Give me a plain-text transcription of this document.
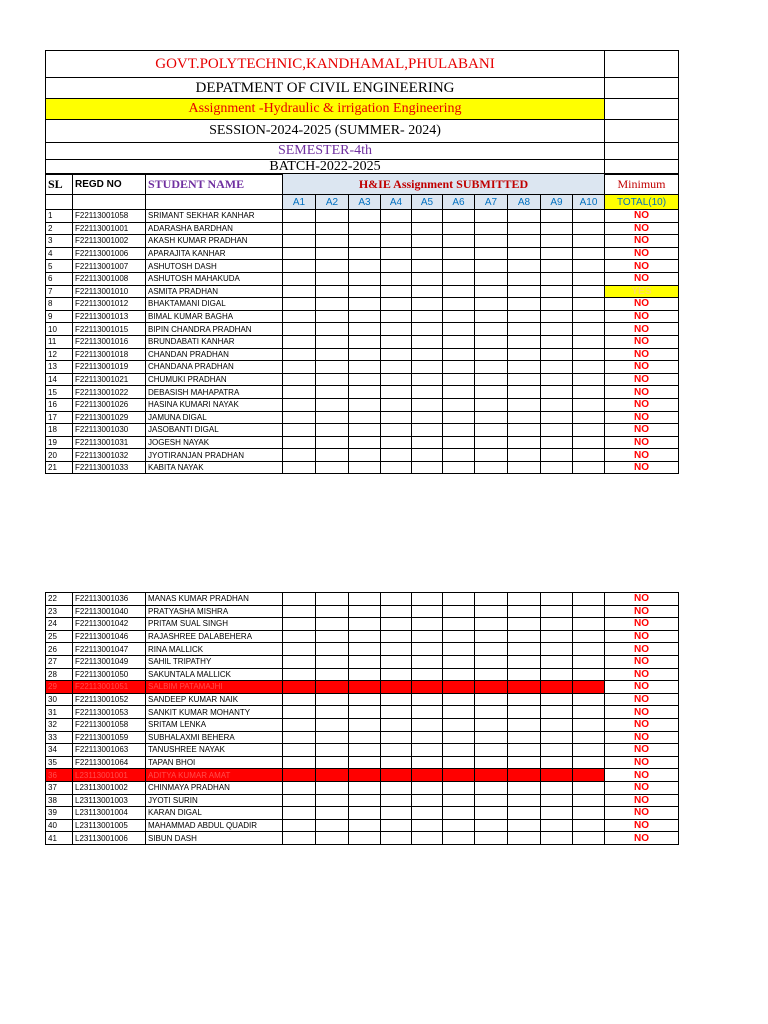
GOVT.POLYTECHNIC,KANDHAMAL,PHULABANI	
DEPATMENT OF CIVIL ENGINEERING	
Assignment -Hydraulic & irrigation Engineering	
SESSION-2024-2025 (SUMMER- 2024)	
SEMESTER-4th	
BATCH-2022-2025	
SL	REGD NO	STUDENT NAME	H&IE Assignment SUBMITTED										Minimum
			A1	A2	A3	A4	A5	A6	A7	A8	A9	A10	TOTAL(10)
1	F22113001058	SRIMANT SEKHAR KANHAR											NO
2	F22113001001	ADARASHA BARDHAN											NO
3	F22113001002	AKASH KUMAR PRADHAN											NO
4	F22113001006	APARAJITA KANHAR											NO
5	F22113001007	ASHUTOSH DASH											NO
6	F22113001008	ASHUTOSH MAHAKUDA											NO
7	F22113001010	ASMITA PRADHAN											YES
8	F22113001012	BHAKTAMANI DIGAL											NO
9	F22113001013	BIMAL KUMAR BAGHA											NO
10	F22113001015	BIPIN CHANDRA PRADHAN											NO
11	F22113001016	BRUNDABATI KANHAR											NO
12	F22113001018	CHANDAN PRADHAN											NO
13	F22113001019	CHANDANA PRADHAN											NO
14	F22113001021	CHUMUKI PRADHAN											NO
15	F22113001022	DEBASISH MAHAPATRA											NO
16	F22113001026	HASINA KUMARI NAYAK											NO
17	F22113001029	JAMUNA DIGAL											NO
18	F22113001030	JASOBANTI DIGAL											NO
19	F22113001031	JOGESH NAYAK											NO
20	F22113001032	JYOTIRANJAN PRADHAN											NO
21	F22113001033	KABITA NAYAK											NO
22	F22113001036	MANAS KUMAR PRADHAN											NO
23	F22113001040	PRATYASHA MISHRA											NO
24	F22113001042	PRITAM SUAL SINGH											NO
25	F22113001046	RAJASHREE DALABEHERA											NO
26	F22113001047	RINA MALLICK											NO
27	F22113001049	SAHIL TRIPATHY											NO
28	F22113001050	SAKUNTALA MALLICK											NO
29	F22113001051	SALBIM PATAMAJHI											NO
30	F22113001052	SANDEEP KUMAR NAIK											NO
31	F22113001053	SANKIT KUMAR MOHANTY											NO
32	F22113001058	SRITAM LENKA											NO
33	F22113001059	SUBHALAXMI BEHERA											NO
34	F22113001063	TANUSHREE NAYAK											NO
35	F22113001064	TAPAN BHOI											NO
36	L23113001001	ADITYA KUMAR AMAT											NO
37	L23113001002	CHINMAYA PRADHAN											NO
38	L23113001003	JYOTI SURIN											NO
39	L23113001004	KARAN DIGAL											NO
40	L23113001005	MAHAMMAD ABDUL QUADIR											NO
41	L23113001006	SIBUN DASH											NO
